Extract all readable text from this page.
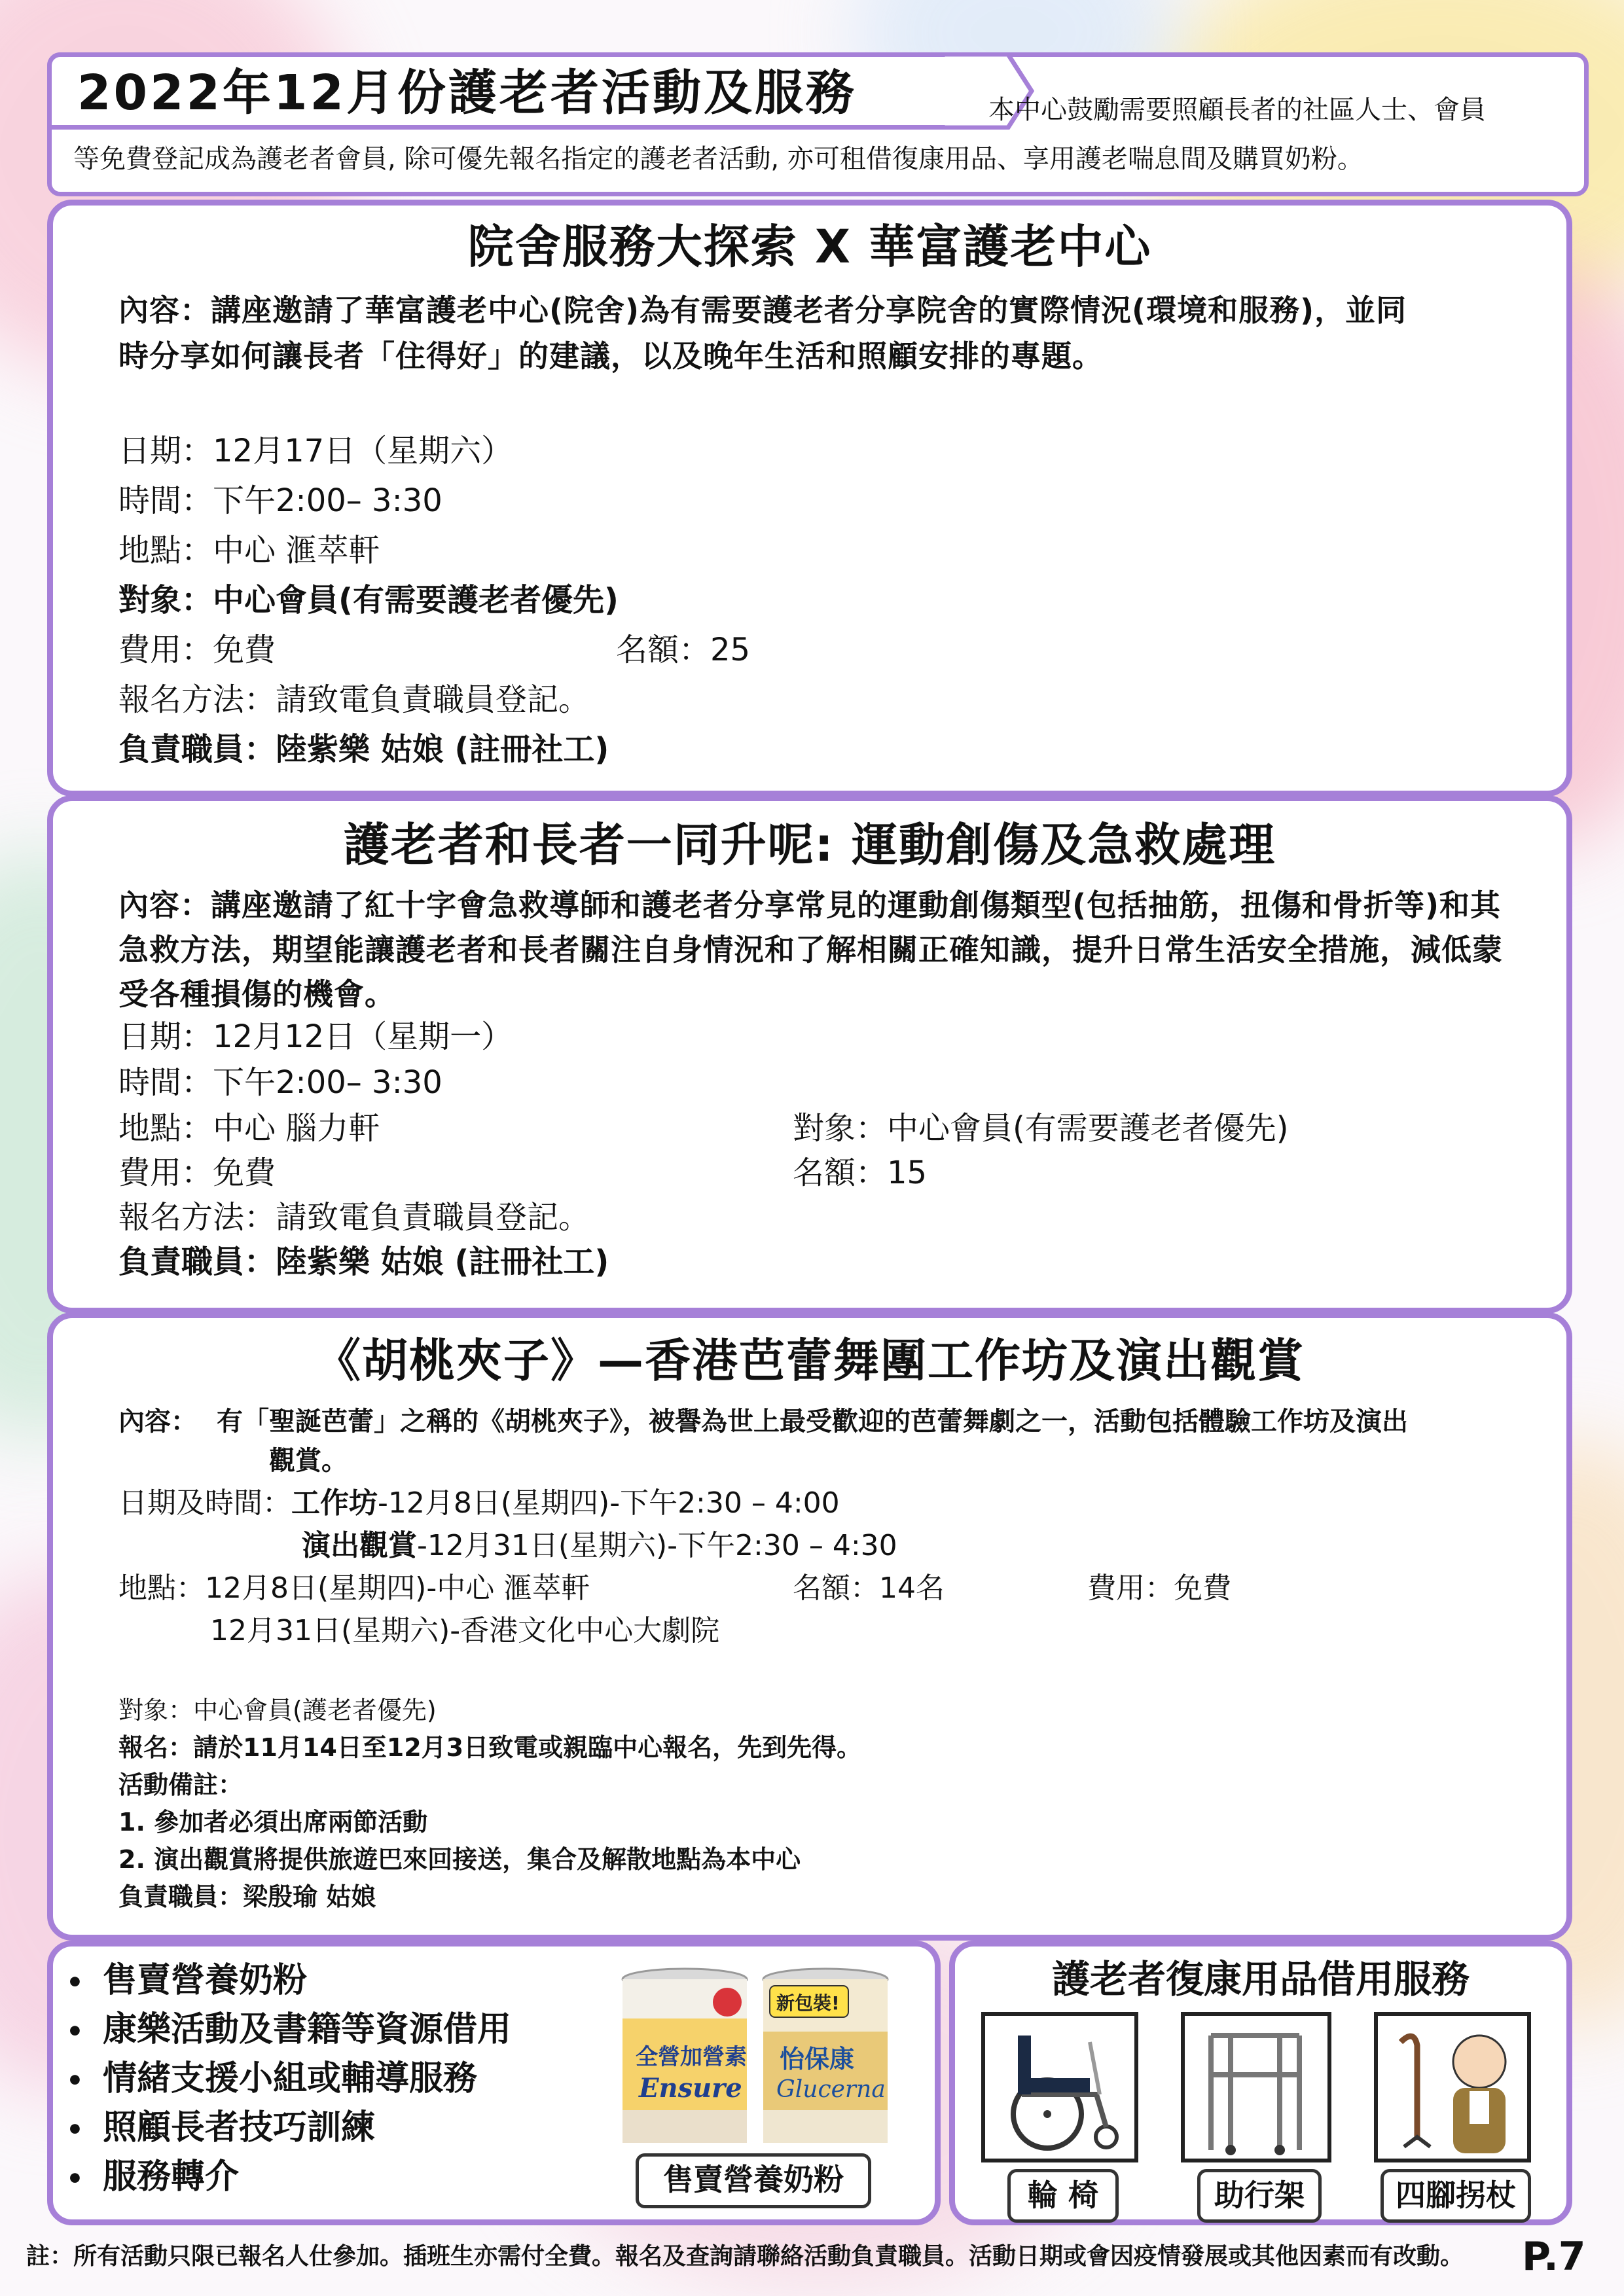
2022年12月份護老者活動及服務	本中心鼓勵需要照顧長者的社區人士、會員
等免費登記成為護老者會員, 除可優先報名指定的護老者活動, 亦可租借復康用品、享用護老喘息間及購買奶粉。
院舍服務大探索 X 華富護老中心
內容：講座邀請了華富護老中心(院舍)為有需要護老者分享院舍的實際情況(環境和服務)，並同
時分享如何讓長者「住得好」的建議，以及晚年生活和照顧安排的專題。
日期：12月17日（星期六）
時間：下午2:00– 3:30
地點：中心 滙萃軒
對象：中心會員(有需要護老者優先)
費用：免費	名額：25
報名方法：請致電負責職員登記。
負責職員：陸紫樂 姑娘 (註冊社工)
護老者和長者一同升呢: 運動創傷及急救處理
內容：講座邀請了紅十字會急救導師和護老者分享常見的運動創傷類型(包括抽筋，扭傷和骨折等)和其
急救方法，期望能讓護老者和長者關注自身情況和了解相關正確知識，提升日常生活安全措施，減低蒙
受各種損傷的機會。
日期：12月12日（星期一）
時間：下午2:00– 3:30
地點：中心 腦力軒	對象：中心會員(有需要護老者優先)
費用：免費	名額：15
報名方法：請致電負責職員登記。
負責職員：陸紫樂 姑娘 (註冊社工)
《胡桃夾子》—香港芭蕾舞團工作坊及演出觀賞
內容： 有「聖誕芭蕾」之稱的《胡桃夾子》，被譽為世上最受歡迎的芭蕾舞劇之一，活動包括體驗工作坊及演出
觀賞。
日期及時間：工作坊-12月8日(星期四)-下午2:30 – 4:00
演出觀賞-12月31日(星期六)-下午2:30 – 4:30
地點：12月8日(星期四)-中心 滙萃軒	名額：14名	費用：免費
12月31日(星期六)-香港文化中心大劇院
對象：中心會員(護老者優先)
報名：請於11月14日至12月3日致電或親臨中心報名，先到先得。
活動備註：
1. 參加者必須出席兩節活動
2. 演出觀賞將提供旅遊巴來回接送，集合及解散地點為本中心
負責職員：梁殷瑜 姑娘
• 售賣營養奶粉
• 康樂活動及書籍等資源借用
• 情緒支援小組或輔導服務
• 照顧長者技巧訓練
• 服務轉介
全營加營素
Ensure
新包裝!
怡保康
Glucerna
售賣營養奶粉
護老者復康用品借用服務
輪 椅	助行架	四腳拐杖
註：所有活動只限已報名人仕參加。插班生亦需付全費。報名及查詢請聯絡活動負責職員。活動日期或會因疫情發展或其他因素而有改動。 P.7
